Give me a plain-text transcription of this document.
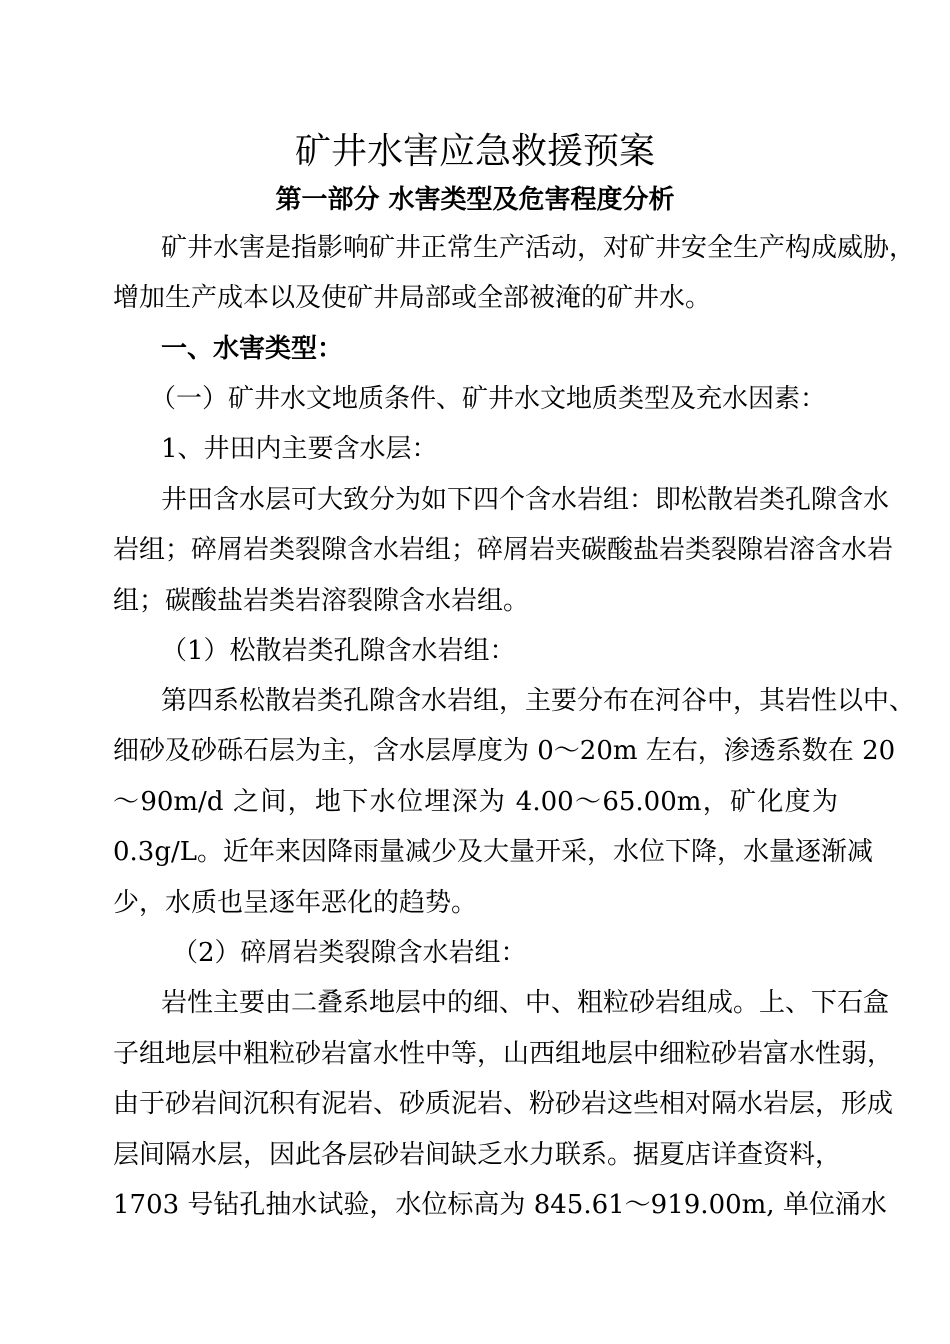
矿井水害应急救援预案
第一部分 水害类型及危害程度分析

矿井水害是指影响矿井正常生产活动，对矿井安全生产构成威胁，

增加生产成本以及使矿井局部或全部被淹的矿井水。

一、水害类型：

（一）矿井水文地质条件、矿井水文地质类型及充水因素：

1、井田内主要含水层：

井田含水层可大致分为如下四个含水岩组：即松散岩类孔隙含水

岩组；碎屑岩类裂隙含水岩组；碎屑岩夹碳酸盐岩类裂隙岩溶含水岩

组；碳酸盐岩类岩溶裂隙含水岩组。

（1）松散岩类孔隙含水岩组：

第四系松散岩类孔隙含水岩组，主要分布在河谷中，其岩性以中、

细砂及砂砾石层为主，含水层厚度为 0～20m 左右，渗透系数在 20

～90m/d 之间，地下水位埋深为 4.00～65.00m，矿化度为

0.3g/L。近年来因降雨量减少及大量开采，水位下降，水量逐渐减

少，水质也呈逐年恶化的趋势。

（2）碎屑岩类裂隙含水岩组：

岩性主要由二叠系地层中的细、中、粗粒砂岩组成。上、下石盒

子组地层中粗粒砂岩富水性中等，山西组地层中细粒砂岩富水性弱，

由于砂岩间沉积有泥岩、砂质泥岩、粉砂岩这些相对隔水岩层，形成

层间隔水层，因此各层砂岩间缺乏水力联系。据夏店详查资料，

1703 号钻孔抽水试验，水位标高为 845.61～919.00m, 单位涌水
